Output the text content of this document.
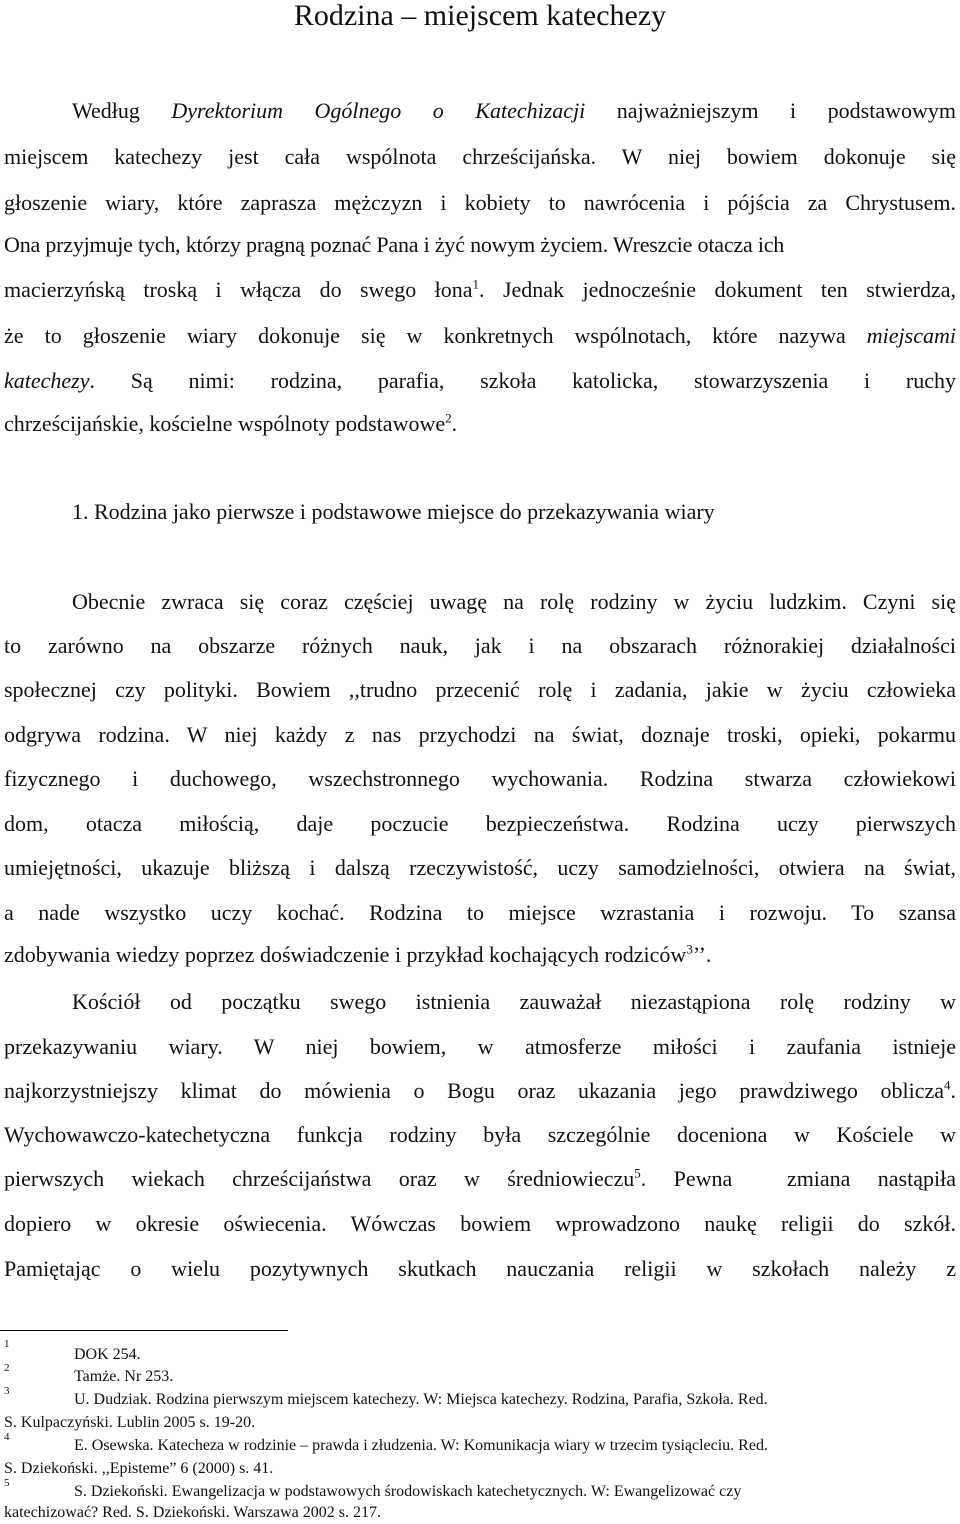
Rodzina – miejscem katechezy
Według Dyrektorium Ogólnego o Katechizacji najważniejszym i podstawowym
miejscem katechezy jest cała wspólnota chrześcijańska. W niej bowiem dokonuje się
głoszenie wiary, które zaprasza mężczyzn i kobiety to nawrócenia i pójścia za Chrystusem.
Ona przyjmuje tych, którzy pragną poznać Pana i żyć nowym życiem. Wreszcie otacza ich
macierzyńską troską i włącza do swego łona$^1$. Jednak jednocześnie dokument ten stwierdza,
że to głoszenie wiary dokonuje się w konkretnych wspólnotach, które nazywa miejscami
katechezy. Są nimi: rodzina, parafia, szkoła katolicka, stowarzyszenia i ruchy
chrześcijańskie, kościelne wspólnoty podstawowe$^2$.
1. Rodzina jako pierwsze i podstawowe miejsce do przekazywania wiary
Obecnie zwraca się coraz częściej uwagę na rolę rodziny w życiu ludzkim. Czyni się
to zarówno na obszarze różnych nauk, jak i na obszarach różnorakiej działalności
społecznej czy polityki. Bowiem ,,trudno przecenić rolę i zadania, jakie w życiu człowieka
odgrywa rodzina. W niej każdy z nas przychodzi na świat, doznaje troski, opieki, pokarmu
fizycznego i duchowego, wszechstronnego wychowania. Rodzina stwarza człowiekowi
dom, otacza miłością, daje poczucie bezpieczeństwa. Rodzina uczy pierwszych
umiejętności, ukazuje bliższą i dalszą rzeczywistość, uczy samodzielności, otwiera na świat,
a nade wszystko uczy kochać. Rodzina to miejsce wzrastania i rozwoju. To szansa
zdobywania wiedzy poprzez doświadczenie i przykład kochających rodziców$^3$’’.
Kościół od początku swego istnienia zauważał niezastąpiona rolę rodziny w
przekazywaniu wiary. W niej bowiem, w atmosferze miłości i zaufania istnieje
najkorzystniejszy klimat do mówienia o Bogu oraz ukazania jego prawdziwego oblicza$^4$.
Wychowawczo-katechetyczna funkcja rodziny była szczególnie doceniona w Kościele w
pierwszych wiekach chrześcijaństwa oraz w średniowieczu$^5$. Pewna  zmiana nastąpiła
dopiero w okresie oświecenia. Wówczas bowiem wprowadzono naukę religii do szkół.
Pamiętając o wielu pozytywnych skutkach nauczania religii w szkołach należy z
1
DOK 254.
2	Tamże. Nr 253.
3	U. Dudziak. Rodzina pierwszym miejscem katechezy. W: Miejsca katechezy. Rodzina, Parafia, Szkoła. Red.
S. Kulpaczyński. Lublin 2005 s. 19-20.
4	E. Osewska. Katecheza w rodzinie – prawda i złudzenia. W: Komunikacja wiary w trzecim tysiącleciu. Red.
S. Dziekoński. ,,Episteme” 6 (2000) s. 41.
5	S. Dziekoński. Ewangelizacja w podstawowych środowiskach katechetycznych. W: Ewangelizować czy
katechizować? Red. S. Dziekoński. Warszawa 2002 s. 217.
